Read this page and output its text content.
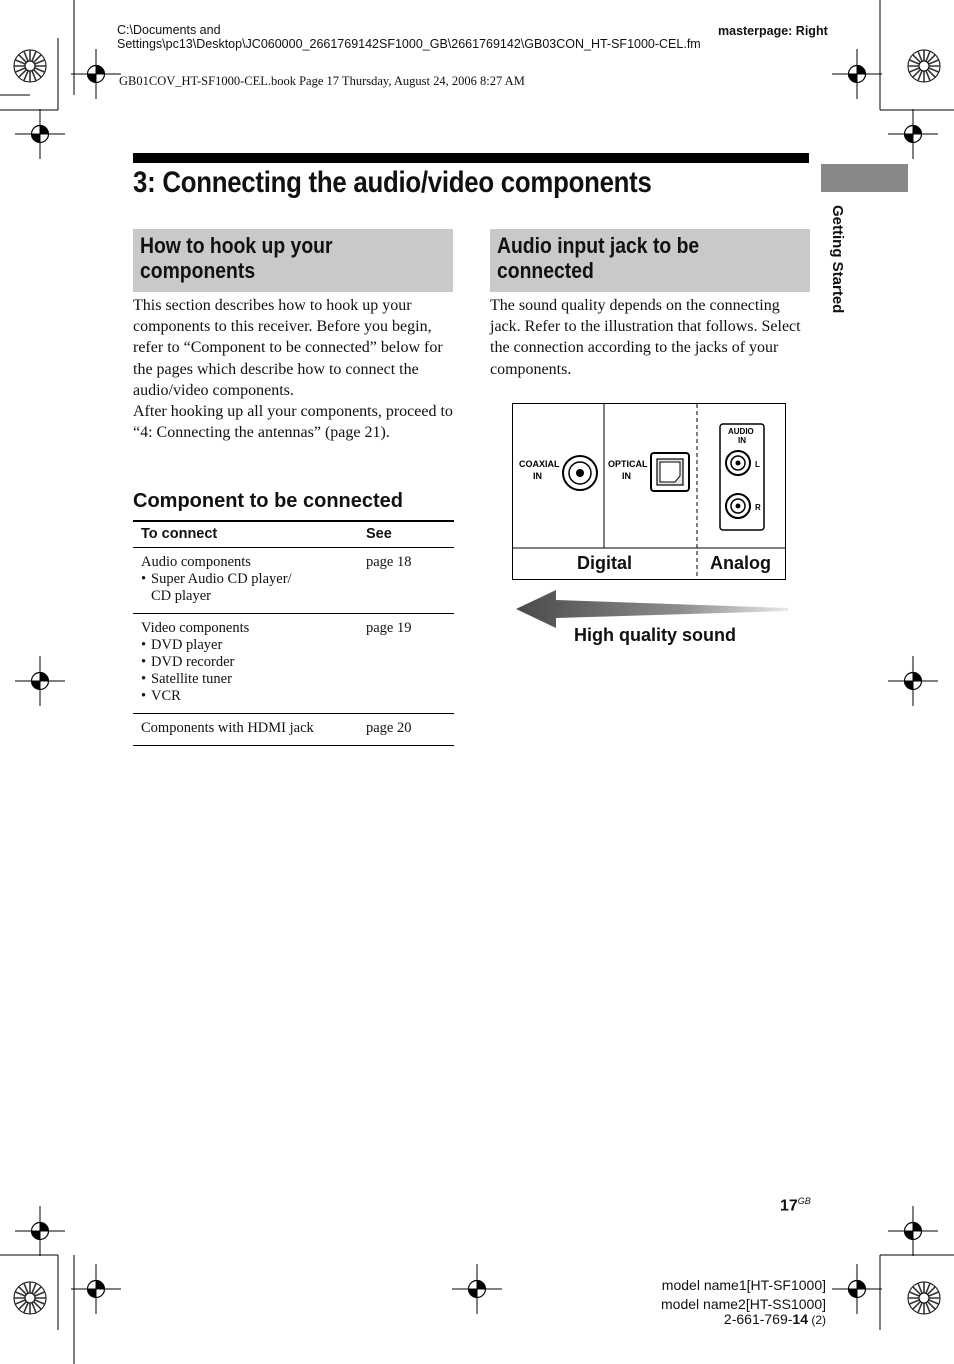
C:\Documents and Settings\pc13\Desktop\JC060000_2661769142SF1000_GB\2661769142\GB03CON_HT-SF1000-CEL.fm
masterpage: Right
GB01COV_HT-SF1000-CEL.book Page 17 Thursday, August 24, 2006 8:27 AM
3: Connecting the audio/video components
Getting Started
How to hook up your
components
This section describes how to hook up your components to this receiver. Before you begin, refer to “Component to be connected” below for the pages which describe how to connect the audio/video components.
After hooking up all your components, proceed to “4: Connecting the antennas” (page 21).
Component to be connected
To connect	See

Audio components
• Super Audio CD player/
CD player	page 18

Video components
• DVD player
• DVD recorder
• Satellite tuner
• VCR	page 19
Components with HDMI jack	page 20
Audio input jack to be
connected
The sound quality depends on the connecting jack. Refer to the illustration that follows. Select the connection according to the jacks of your components.
COAXIAL
IN
OPTICAL
IN
AUDIO
IN
L
R
Digital	Analog
High quality sound
$17^{GB}$
model name1[HT-SF1000]
model name2[HT-SS1000]
2-661-769-14 (2)
